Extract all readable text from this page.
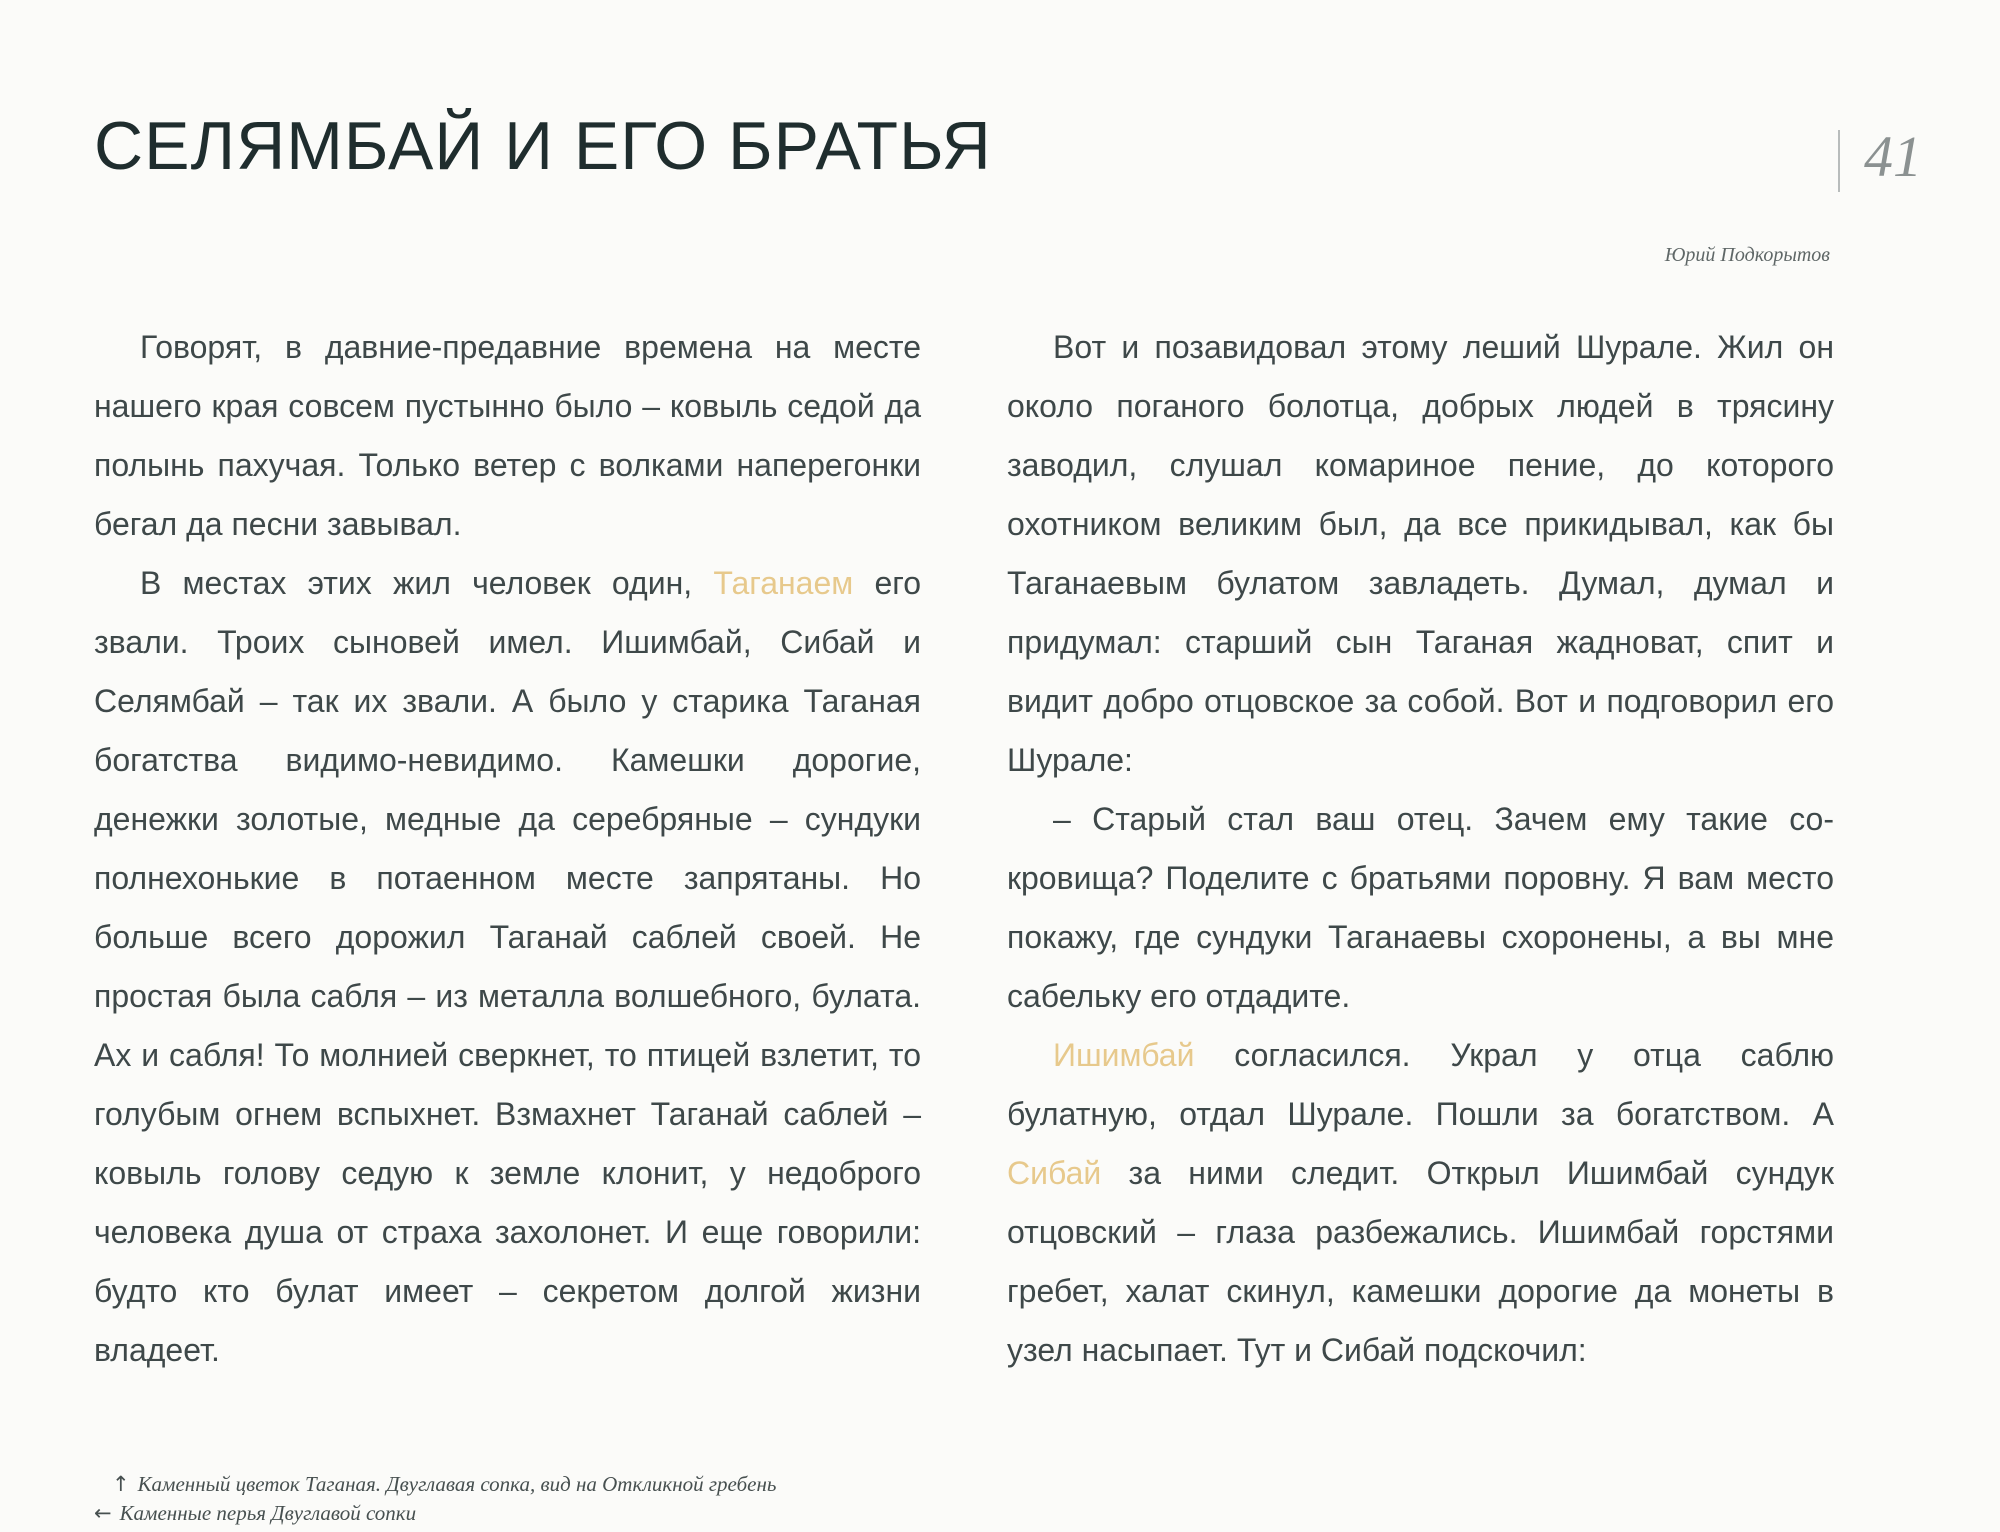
СЕЛЯМБАЙ И ЕГО БРАТЬЯ	41
Юрий Подкорытов

Говорят, в давние-предавние времена на месте нашего края совсем пустынно было – ковыль седой да полынь пахучая. Только ветер с волками наперегонки бегал да песни завывал.

В местах этих жил человек один, Таганаем его звали. Троих сыновей имел. Ишимбай, Сибай и Селямбай – так их звали. А было у старика Таганая богатства видимо-невидимо. Камешки дорогие, денежки золотые, медные да серебряные – сундуки полнехонькие в потаенном месте запрятаны. Но больше всего дорожил Таганай саблей своей. Не простая была сабля – из металла волшебного, булата. Ах и сабля! То молнией сверкнет, то птицей взлетит, то голубым огнем вспыхнет. Взмахнет Таганай саблей – ковыль голову седую к земле клонит, у недоброго человека душа от страха захолонет. И еще говорили: будто кто булат имеет – секретом долгой жизни владеет.

Вот и позавидовал этому леший Шурале. Жил он около поганого болотца, добрых людей в трясину заводил, слушал комариное пение, до которого охотником великим был, да все прикидывал, как бы Таганаевым булатом завладеть. Думал, думал и придумал: старший сын Таганая жадноват, спит и видит добро отцовское за собой. Вот и подговорил его Шурале:

– Старый стал ваш отец. Зачем ему такие сокровища? Поделите с братьями поровну. Я вам место покажу, где сундуки Таганаевы схоронены, а вы мне сабельку его отдадите.

Ишимбай согласился. Украл у отца саблю булатную, отдал Шурале. Пошли за богатством. А Сибай за ними следит. Открыл Ишимбай сундук отцовский – глаза разбежались. Ишимбай горстями гребет, халат скинул, камешки дорогие да монеты в узел насыпает. Тут и Сибай подскочил:

↑ Каменный цветок Таганая. Двуглавая сопка, вид на Откликной гребень
← Каменные перья Двуглавой сопки
